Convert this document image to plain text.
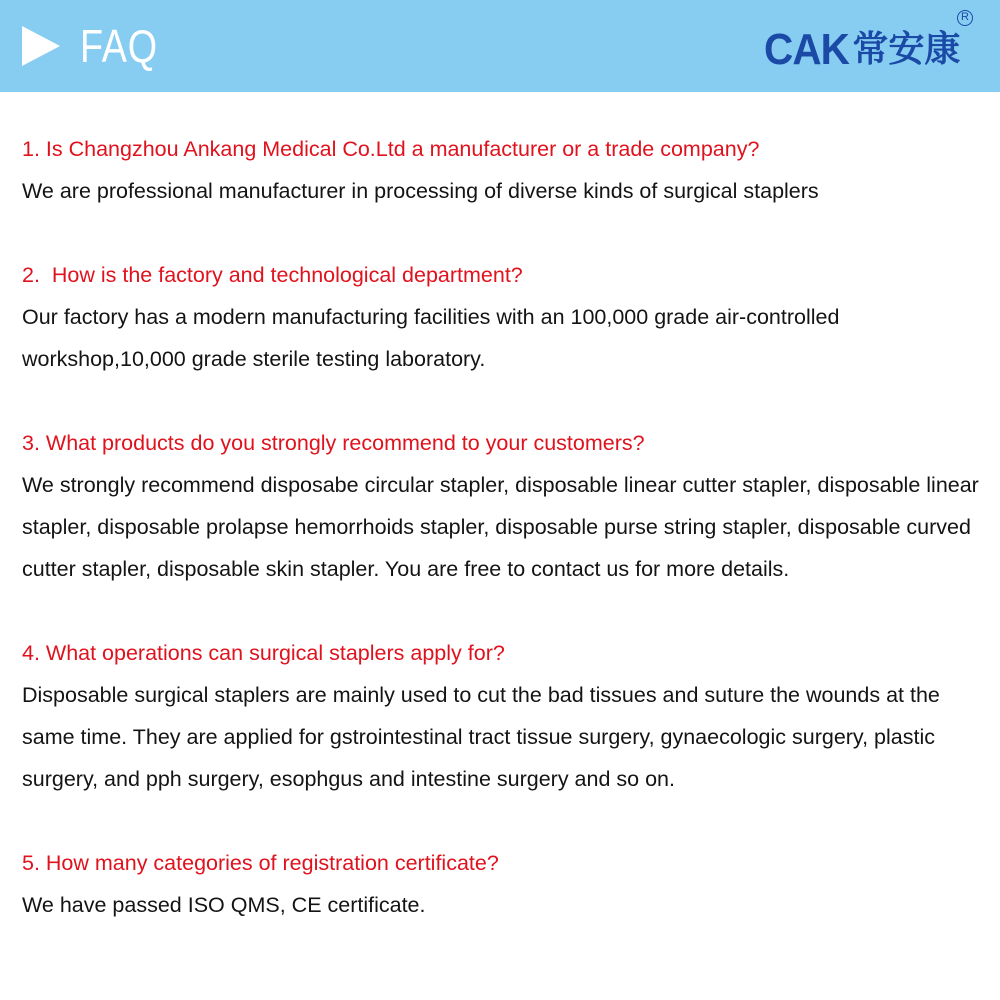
FAQ	CAK 常安康
R
1. Is Changzhou Ankang Medical Co.Ltd a manufacturer or a trade company?
We are professional manufacturer in processing of diverse kinds of surgical staplers
2.  How is the factory and technological department?
Our factory has a modern manufacturing facilities with an 100,000 grade air-controlled workshop,10,000 grade sterile testing laboratory.
3. What products do you strongly recommend to your customers?
We strongly recommend disposabe circular stapler, disposable linear cutter stapler, disposable linear stapler, disposable prolapse hemorrhoids stapler, disposable purse string stapler, disposable curved cutter stapler, disposable skin stapler. You are free to contact us for more details.
4. What operations can surgical staplers apply for?
Disposable surgical staplers are mainly used to cut the bad tissues and suture the wounds at the same time. They are applied for gstrointestinal tract tissue surgery, gynaecologic surgery, plastic surgery, and pph surgery, esophgus and intestine surgery and so on.
5. How many categories of registration certificate?
We have passed ISO QMS, CE certificate.
